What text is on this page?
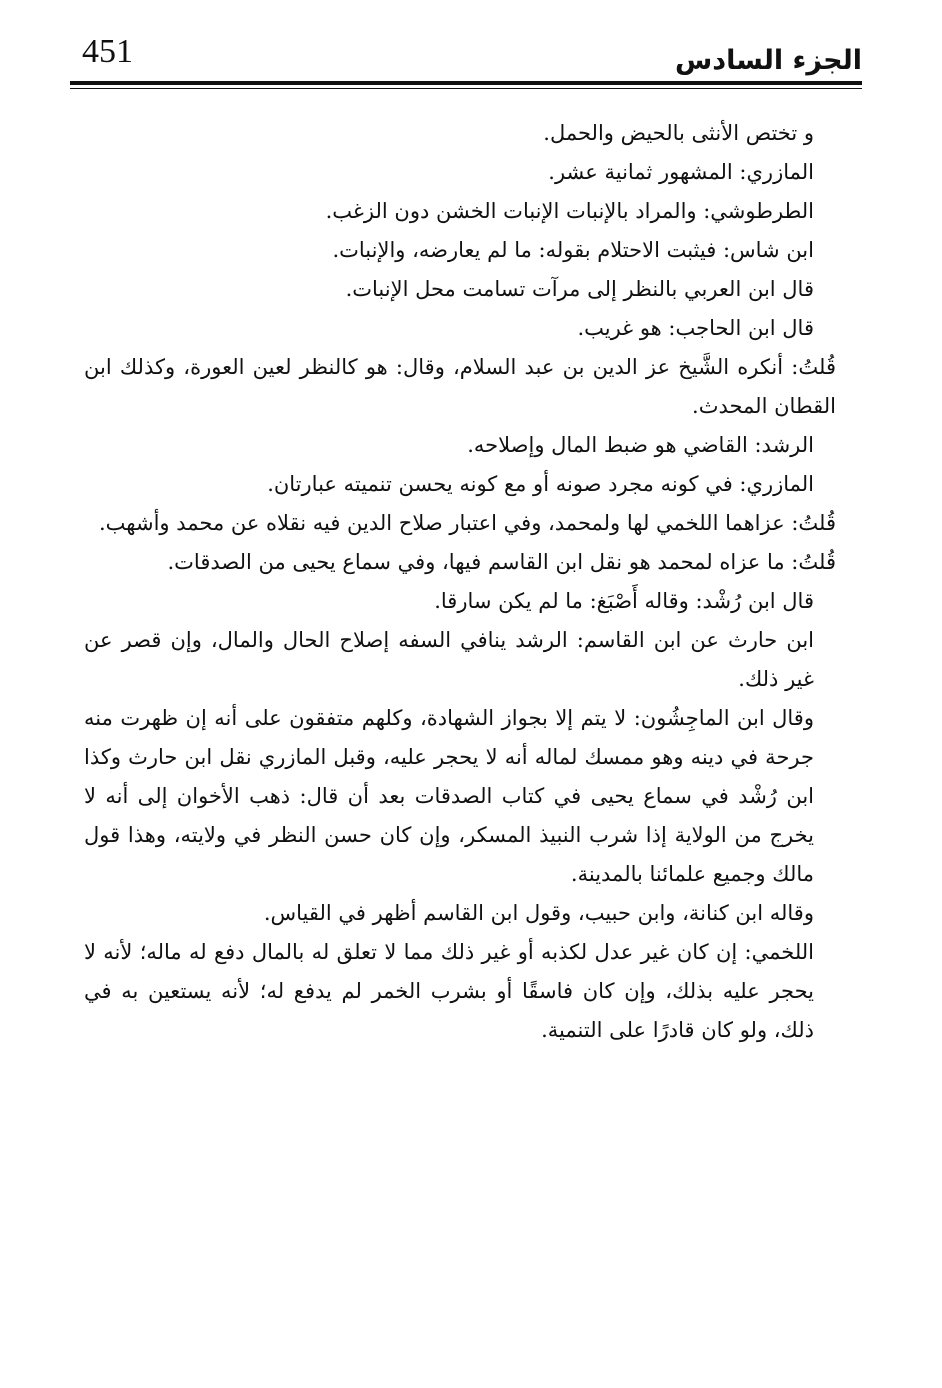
451	الجزء السادس

و تختص الأنثى بالحيض والحمل.

المازري: المشهور ثمانية عشر.

الطرطوشي: والمراد بالإنبات الإنبات الخشن دون الزغب.

ابن شاس: فيثبت الاحتلام بقوله: ما لم يعارضه، والإنبات.

قال ابن العربي بالنظر إلى مرآت تسامت محل الإنبات.

قال ابن الحاجب: هو غريب.

قُلتُ: أنكره الشَّيخ عز الدين بن عبد السلام، وقال: هو كالنظر لعين العورة، وكذلك ابن القطان المحدث.

الرشد: القاضي هو ضبط المال وإصلاحه.

المازري: في كونه مجرد صونه أو مع كونه يحسن تنميته عبارتان.

قُلتُ: عزاهما اللخمي لها ولمحمد، وفي اعتبار صلاح الدين فيه نقلاه عن محمد وأشهب.

قُلتُ: ما عزاه لمحمد هو نقل ابن القاسم فيها، وفي سماع يحيى من الصدقات.

قال ابن رُشْد: وقاله أَصْبَغ: ما لم يكن سارقا.

ابن حارث عن ابن القاسم: الرشد ينافي السفه إصلاح الحال والمال، وإن قصر عن غير ذلك.

وقال ابن الماجِشُون: لا يتم إلا بجواز الشهادة، وكلهم متفقون على أنه إن ظهرت منه جرحة في دينه وهو ممسك لماله أنه لا يحجر عليه، وقبل المازري نقل ابن حارث وكذا ابن رُشْد في سماع يحيى في كتاب الصدقات بعد أن قال: ذهب الأخوان إلى أنه لا يخرج من الولاية إذا شرب النبيذ المسكر، وإن كان حسن النظر في ولايته، وهذا قول مالك وجميع علمائنا بالمدينة.

وقاله ابن كنانة، وابن حبيب، وقول ابن القاسم أظهر في القياس.

اللخمي: إن كان غير عدل لكذبه أو غير ذلك مما لا تعلق له بالمال دفع له ماله؛ لأنه لا يحجر عليه بذلك، وإن كان فاسقًا أو بشرب الخمر لم يدفع له؛ لأنه يستعين به في ذلك، ولو كان قادرًا على التنمية.
